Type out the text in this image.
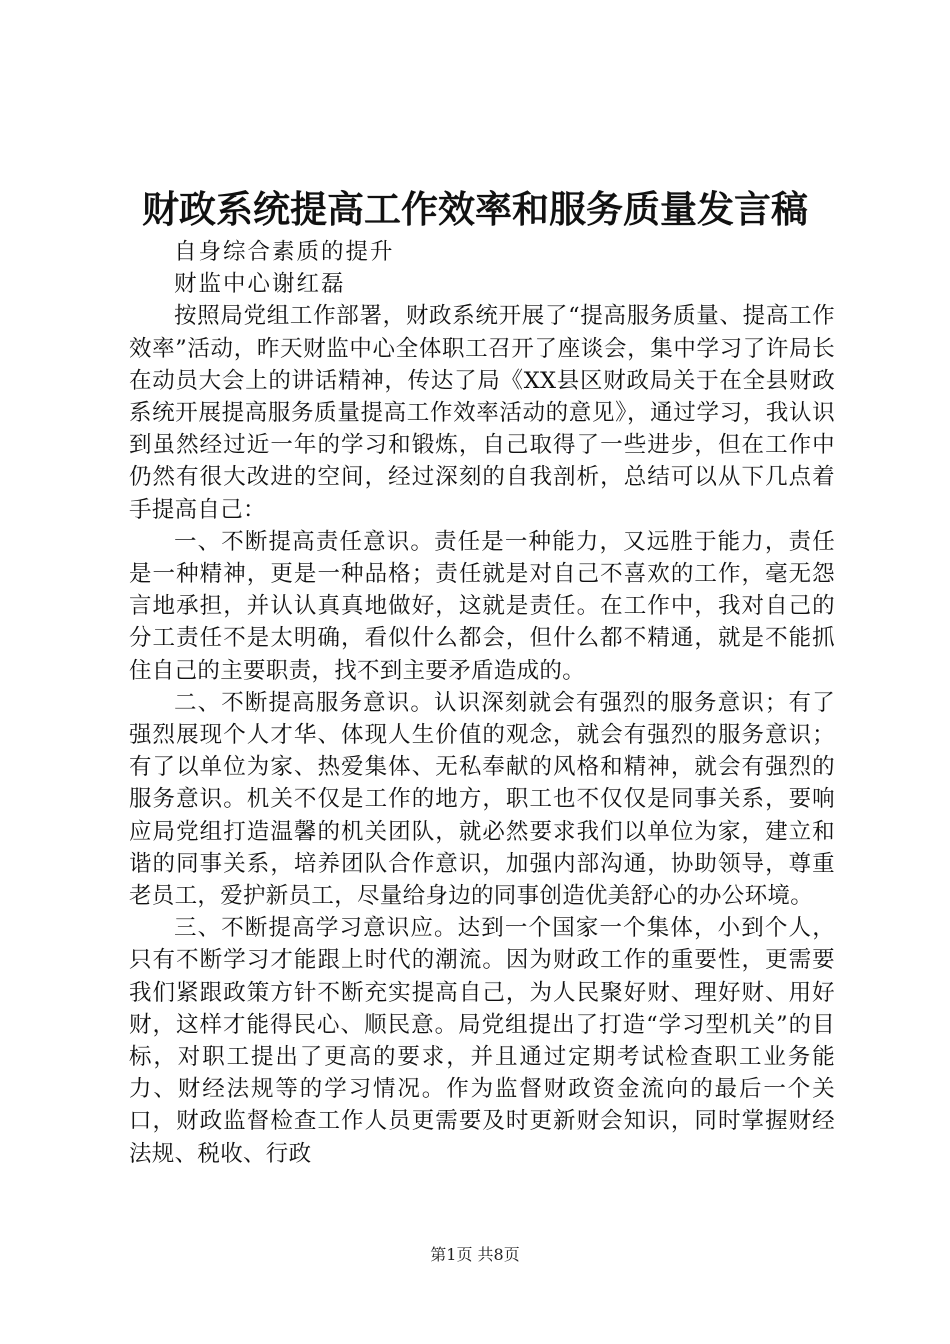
财政系统提高工作效率和服务质量发言稿

自身综合素质的提升

财监中心谢红磊

按照局党组工作部署，财政系统开展了“提高服务质量、提高工作效率”活动，昨天财监中心全体职工召开了座谈会，集中学习了许局长在动员大会上的讲话精神，传达了局《XX县区财政局关于在全县财政系统开展提高服务质量提高工作效率活动的意见》，通过学习，我认识到虽然经过近一年的学习和锻炼，自己取得了一些进步，但在工作中仍然有很大改进的空间，经过深刻的自我剖析，总结可以从下几点着手提高自己：

一、不断提高责任意识。责任是一种能力，又远胜于能力，责任是一种精神，更是一种品格；责任就是对自己不喜欢的工作，毫无怨言地承担，并认认真真地做好，这就是责任。在工作中，我对自己的分工责任不是太明确，看似什么都会，但什么都不精通，就是不能抓住自己的主要职责，找不到主要矛盾造成的。

二、不断提高服务意识。认识深刻就会有强烈的服务意识；有了强烈展现个人才华、体现人生价值的观念，就会有强烈的服务意识；有了以单位为家、热爱集体、无私奉献的风格和精神，就会有强烈的服务意识。机关不仅是工作的地方，职工也不仅仅是同事关系，要响应局党组打造温馨的机关团队，就必然要求我们以单位为家，建立和谐的同事关系，培养团队合作意识，加强内部沟通，协助领导，尊重老员工，爱护新员工，尽量给身边的同事创造优美舒心的办公环境。

三、不断提高学习意识应。达到一个国家一个集体，小到个人，只有不断学习才能跟上时代的潮流。因为财政工作的重要性，更需要我们紧跟政策方针不断充实提高自己，为人民聚好财、理好财、用好财，这样才能得民心、顺民意。局党组提出了打造“学习型机关”的目标，对职工提出了更高的要求，并且通过定期考试检查职工业务能力、财经法规等的学习情况。作为监督财政资金流向的最后一个关口，财政监督检查工作人员更需要及时更新财会知识，同时掌握财经法规、税收、行政

第1页 共8页
